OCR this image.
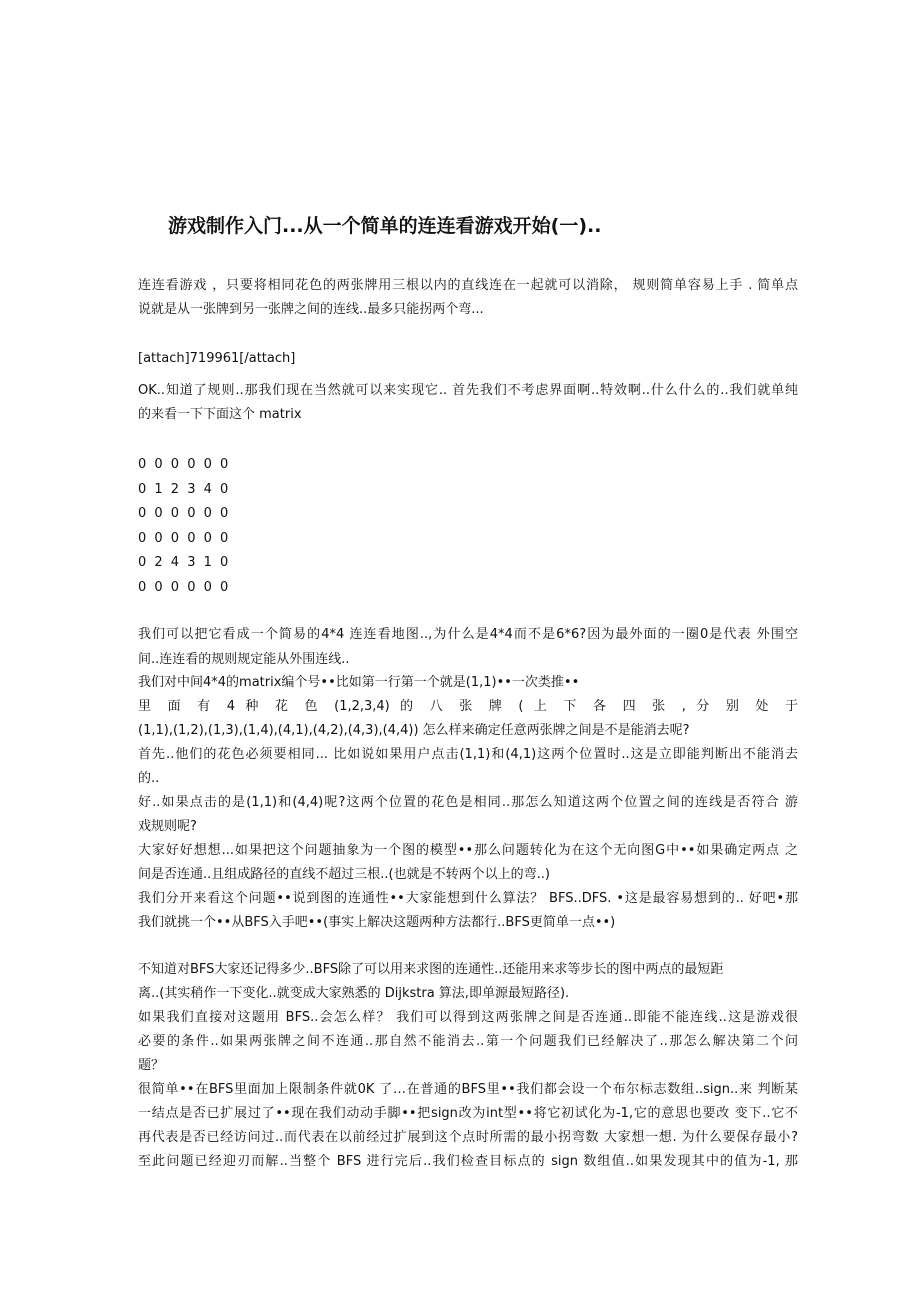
游戏制作入门...从一个简单的连连看游戏开始(一)..
连连看游戏 ，只要将相同花色的两张牌用三根以内的直线连在一起就可以消除， 规则简单容易上手 . 简单点
说就是从一张牌到另一张牌之间的连线..最多只能拐两个弯...
[attach]719961[/attach]
OK..知道了规则..那我们现在当然就可以来实现它.. 首先我们不考虑界面啊..特效啊..什么什么的..我们就单纯
的来看一下下面这个 matrix
0 0 0 0 0 0
0 1 2 3 4 0
0 0 0 0 0 0
0 0 0 0 0 0
0 2 4 3 1 0
0 0 0 0 0 0
我们可以把它看成一个简易的4*4 连连看地图..,为什么是4*4而不是6*6?因为最外面的一圈0是代表 外围空
间..连连看的规则规定能从外围连线..
我们对中间4*4的matrix编个号••比如第一行第一个就是(1,1)••一次类推••
里 面 有 4 种 花 色 (1,2,3,4) 的 八 张 牌 ( 上 下 各 四 张 , 分 别 处 于
(1,1),(1,2),(1,3),(1,4),(4,1),(4,2),(4,3),(4,4)) 怎么样来确定任意两张牌之间是不是能消去呢?
首先..他们的花色必须要相同... 比如说如果用户点击(1,1)和(4,1)这两个位置时..这是立即能判断出不能消去
的..
好..如果点击的是(1,1)和(4,4)呢?这两个位置的花色是相同..那怎么知道这两个位置之间的连线是否符合 游
戏规则呢?
大家好好想想...如果把这个问题抽象为一个图的模型••那么问题转化为在这个无向图G中••如果确定两点 之
间是否连通..且组成路径的直线不超过三根..(也就是不转两个以上的弯..)
我们分开来看这个问题••说到图的连通性••大家能想到什么算法？ BFS..DFS. •这是最容易想到的.. 好吧•那
我们就挑一个••从BFS入手吧••(事实上解决这题两种方法都行..BFS更简单一点••)
不知道对BFS大家还记得多少..BFS除了可以用来求图的连通性..还能用来求等步长的图中两点的最短距
离..(其实稍作一下变化..就变成大家熟悉的 Dijkstra 算法,即单源最短路径).
如果我们直接对这题用 BFS..会怎么样？ 我们可以得到这两张牌之间是否连通..即能不能连线..这是游戏很
必要的条件..如果两张牌之间不连通..那自然不能消去..第一个问题我们已经解决了..那怎么解决第二个问
题？
很简单••在BFS里面加上限制条件就0K 了…在普通的BFS里••我们都会设一个布尔标志数组..sign..来 判断某
一结点是否已扩展过了••现在我们动动手脚••把sign改为int型••将它初试化为-1,它的意思也要改 变下..它不
再代表是否已经访问过..而代表在以前经过扩展到这个点时所需的最小拐弯数 大家想一想. 为什么要保存最小?
至此问题已经迎刃而解..当整个 BFS 进行完后..我们检查目标点的 sign 数组值..如果发现其中的值为-1, 那
